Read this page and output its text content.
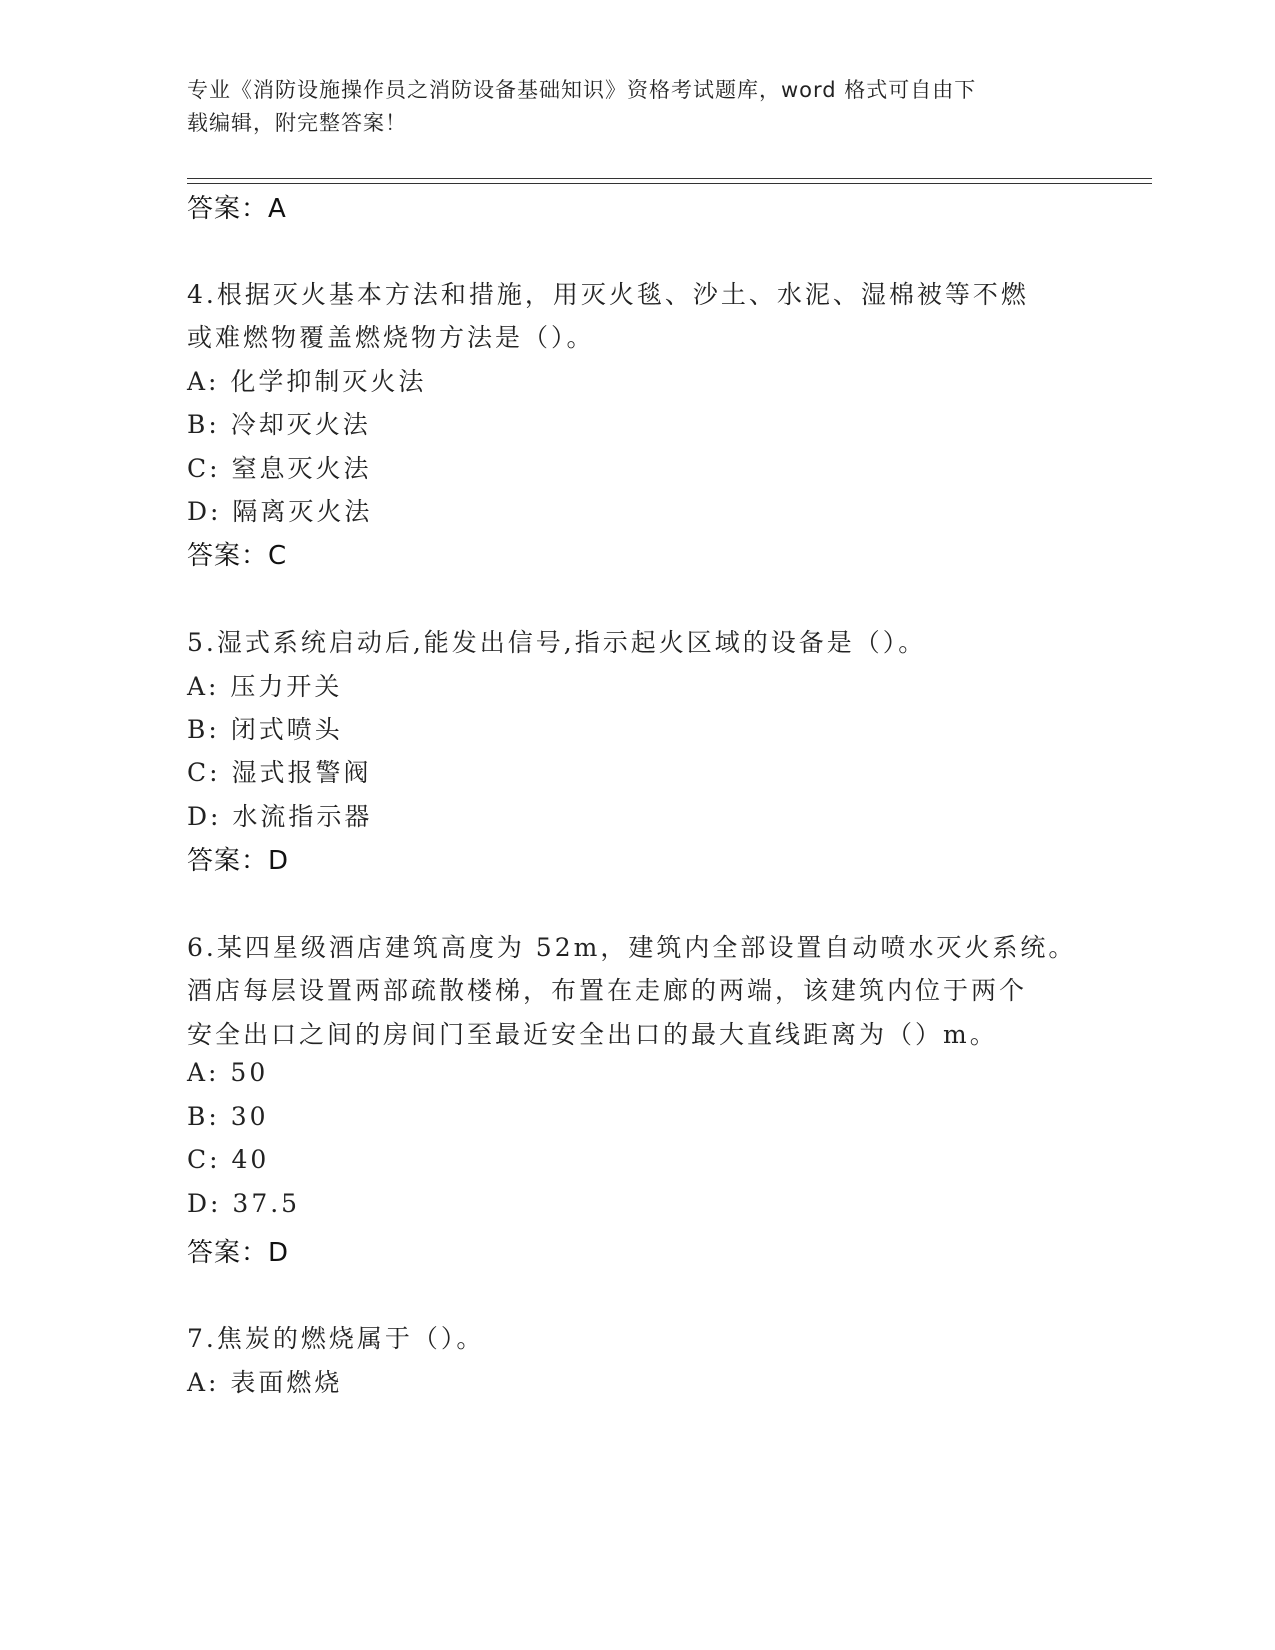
专业《消防设施操作员之消防设备基础知识》资格考试题库，word 格式可自由下
载编辑，附完整答案！
答案：A
4.根据灭火基本方法和措施，用灭火毯、沙土、水泥、湿棉被等不燃
或难燃物覆盖燃烧物方法是（）。
A: 化学抑制灭火法
B: 冷却灭火法
C: 窒息灭火法
D: 隔离灭火法
答案：C
5.湿式系统启动后,能发出信号,指示起火区域的设备是（）。
A: 压力开关
B: 闭式喷头
C: 湿式报警阀
D: 水流指示器
答案：D
6.某四星级酒店建筑高度为 52m，建筑内全部设置自动喷水灭火系统。
酒店每层设置两部疏散楼梯，布置在走廊的两端，该建筑内位于两个
安全出口之间的房间门至最近安全出口的最大直线距离为（）m。
A: 50
B: 30
C: 40
D: 37.5
答案：D
7.焦炭的燃烧属于（）。
A: 表面燃烧
